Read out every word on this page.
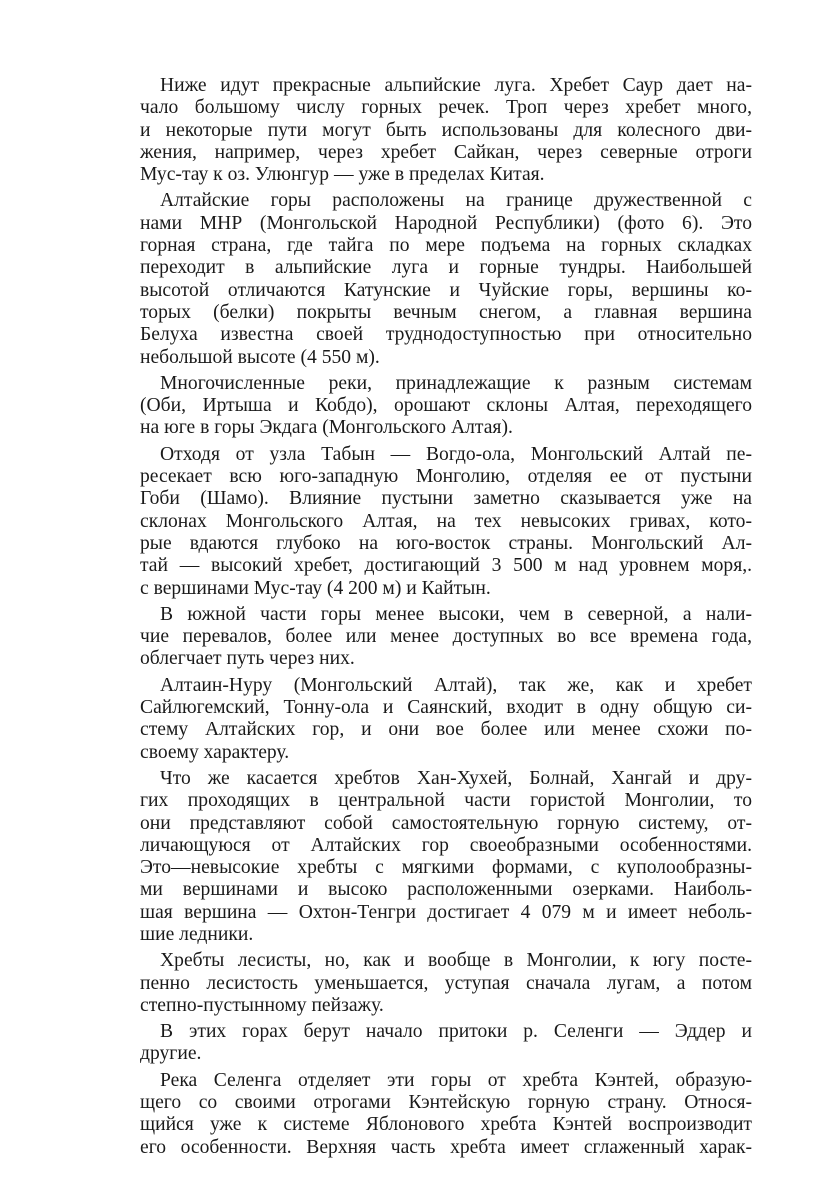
Ниже идут прекрасные альпийские луга. Хребет Саур дает на-
чало большому числу горных речек. Троп через хребет много,
и некоторые пути могут быть использованы для колесного дви-
жения, например, через хребет Сайкан, через северные отроги
Мус-тау к оз. Улюнгур — уже в пределах Китая.
Алтайские горы расположены на границе дружественной с
нами МНР (Монгольской Народной Республики) (фото 6). Это
горная страна, где тайга по мере подъема на горных складках
переходит в альпийские луга и горные тундры. Наибольшей
высотой отличаются Катунские и Чуйские горы, вершины ко-
торых (белки) покрыты вечным снегом, а главная вершина
Белуха известна своей труднодоступностью при относительно
небольшой высоте (4 550 м).
Многочисленные реки, принадлежащие к разным системам
(Оби, Иртыша и Кобдо), орошают склоны Алтая, переходящего
на юге в горы Экдага (Монгольского Алтая).
Отходя от узла Табын — Вогдо-ола, Монгольский Алтай пе-
ресекает всю юго-западную Монголию, отделяя ее от пустыни
Гоби (Шамо). Влияние пустыни заметно сказывается уже на
склонах Монгольского Алтая, на тех невысоких гривах, кото-
рые вдаются глубоко на юго-восток страны. Монгольский Ал-
тай — высокий хребет, достигающий 3 500 м над уровнем моря,.
с вершинами Мус-тау (4 200 м) и Кайтын.
В южной части горы менее высоки, чем в северной, а нали-
чие перевалов, более или менее доступных во все времена года,
облегчает путь через них.
Алтаин-Нуру (Монгольский Алтай), так же, как и хребет
Сайлюгемский, Тонну-ола и Саянский, входит в одну общую си-
стему Алтайских гор, и они вое более или менее схожи по-
своему характеру.
Что же касается хребтов Хан-Хухей, Болнай, Хангай и дру-
гих проходящих в центральной части гористой Монголии, то
они представляют собой самостоятельную горную систему, от-
личающуюся от Алтайских гор своеобразными особенностями.
Это—невысокие хребты с мягкими формами, с куполообразны-
ми вершинами и высоко расположенными озерками. Наиболь-
шая вершина — Охтон-Тенгри достигает 4 079 м и имеет неболь-
шие ледники.
Хребты лесисты, но, как и вообще в Монголии, к югу посте-
пенно лесистость уменьшается, уступая сначала лугам, а потом
степно-пустынному пейзажу.
В этих горах берут начало притоки р. Селенги — Эддер и
другие.
Река Селенга отделяет эти горы от хребта Кэнтей, образую-
щего со своими отрогами Кэнтейскую горную страну. Относя-
щийся уже к системе Яблонового хребта Кэнтей воспроизводит
его особенности. Верхняя часть хребта имеет сглаженный харак-
